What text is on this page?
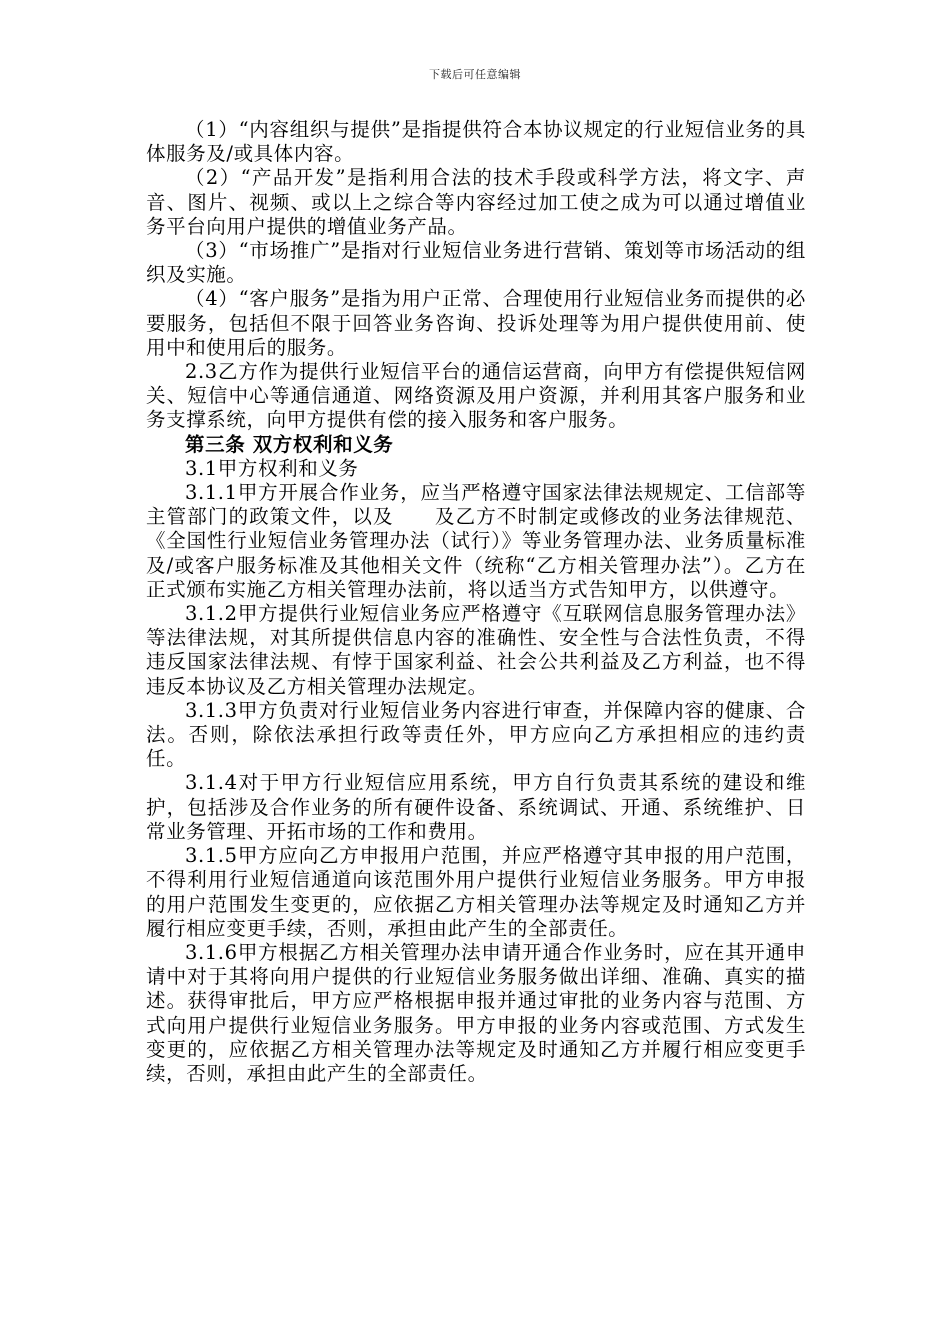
下载后可任意编辑

（1）“内容组织与提供”是指提供符合本协议规定的行业短信业务的具体服务及/或具体内容。

（2）“产品开发”是指利用合法的技术手段或科学方法，将文字、声音、图片、视频、或以上之综合等内容经过加工使之成为可以通过增值业务平台向用户提供的增值业务产品。

（3）“市场推广”是指对行业短信业务进行营销、策划等市场活动的组织及实施。

（4）“客户服务”是指为用户正常、合理使用行业短信业务而提供的必要服务，包括但不限于回答业务咨询、投诉处理等为用户提供使用前、使用中和使用后的服务。

2.3乙方作为提供行业短信平台的通信运营商，向甲方有偿提供短信网关、短信中心等通信通道、网络资源及用户资源，并利用其客户服务和业务支撑系统，向甲方提供有偿的接入服务和客户服务。

第三条 双方权利和义务

3.1甲方权利和义务

3.1.1甲方开展合作业务，应当严格遵守国家法律法规规定、工信部等主管部门的政策文件，以及　　及乙方不时制定或修改的业务法律规范、《全国性行业短信业务管理办法（试行）》等业务管理办法、业务质量标准及/或客户服务标准及其他相关文件（统称“乙方相关管理办法”）。乙方在正式颁布实施乙方相关管理办法前，将以适当方式告知甲方，以供遵守。

3.1.2甲方提供行业短信业务应严格遵守《互联网信息服务管理办法》等法律法规，对其所提供信息内容的准确性、安全性与合法性负责，不得违反国家法律法规、有悖于国家利益、社会公共利益及乙方利益，也不得违反本协议及乙方相关管理办法规定。

3.1.3甲方负责对行业短信业务内容进行审查，并保障内容的健康、合法。否则，除依法承担行政等责任外，甲方应向乙方承担相应的违约责任。

3.1.4对于甲方行业短信应用系统，甲方自行负责其系统的建设和维护，包括涉及合作业务的所有硬件设备、系统调试、开通、系统维护、日常业务管理、开拓市场的工作和费用。

3.1.5甲方应向乙方申报用户范围，并应严格遵守其申报的用户范围，不得利用行业短信通道向该范围外用户提供行业短信业务服务。甲方申报的用户范围发生变更的，应依据乙方相关管理办法等规定及时通知乙方并履行相应变更手续，否则，承担由此产生的全部责任。

3.1.6甲方根据乙方相关管理办法申请开通合作业务时，应在其开通申请中对于其将向用户提供的行业短信业务服务做出详细、准确、真实的描述。获得审批后，甲方应严格根据申报并通过审批的业务内容与范围、方式向用户提供行业短信业务服务。甲方申报的业务内容或范围、方式发生变更的，应依据乙方相关管理办法等规定及时通知乙方并履行相应变更手续，否则，承担由此产生的全部责任。
